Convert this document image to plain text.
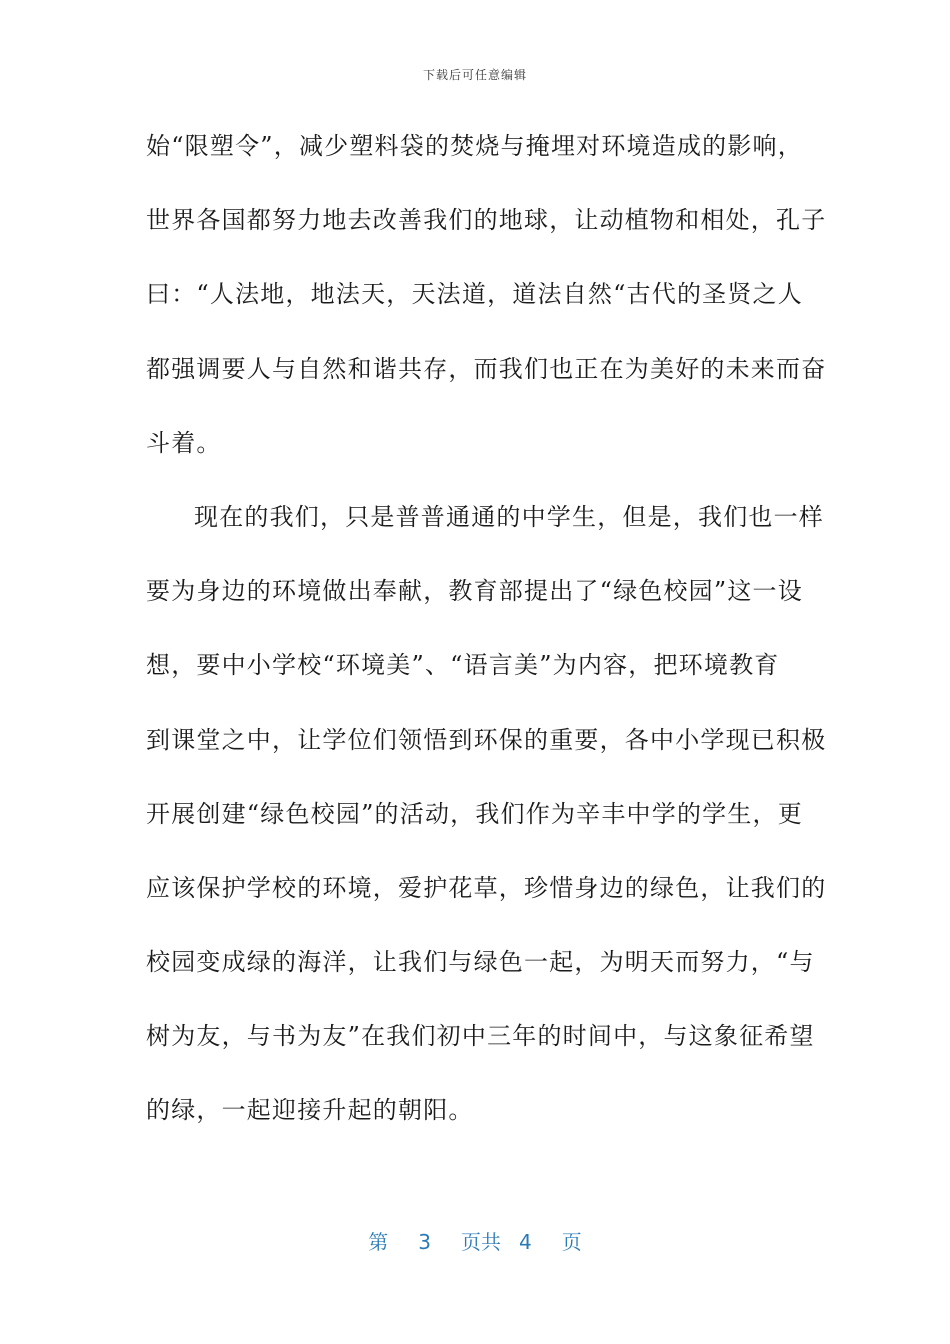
下载后可任意编辑
始“限塑令”，减少塑料袋的焚烧与掩埋对环境造成的影响，
世界各国都努力地去改善我们的地球，让动植物和相处，孔子
曰：“人法地，地法天，天法道，道法自然“古代的圣贤之人
都强调要人与自然和谐共存，而我们也正在为美好的未来而奋
斗着。
现在的我们，只是普普通通的中学生，但是，我们也一样
要为身边的环境做出奉献，教育部提出了“绿色校园”这一设
想，要中小学校“环境美”、“语言美”为内容，把环境教育
到课堂之中，让学位们领悟到环保的重要，各中小学现已积极
开展创建“绿色校园”的活动，我们作为辛丰中学的学生，更
应该保护学校的环境，爱护花草，珍惜身边的绿色，让我们的
校园变成绿的海洋，让我们与绿色一起，为明天而努力，“与
树为友，与书为友”在我们初中三年的时间中，与这象征希望
的绿，一起迎接升起的朝阳。
第 3 页共 4 页
